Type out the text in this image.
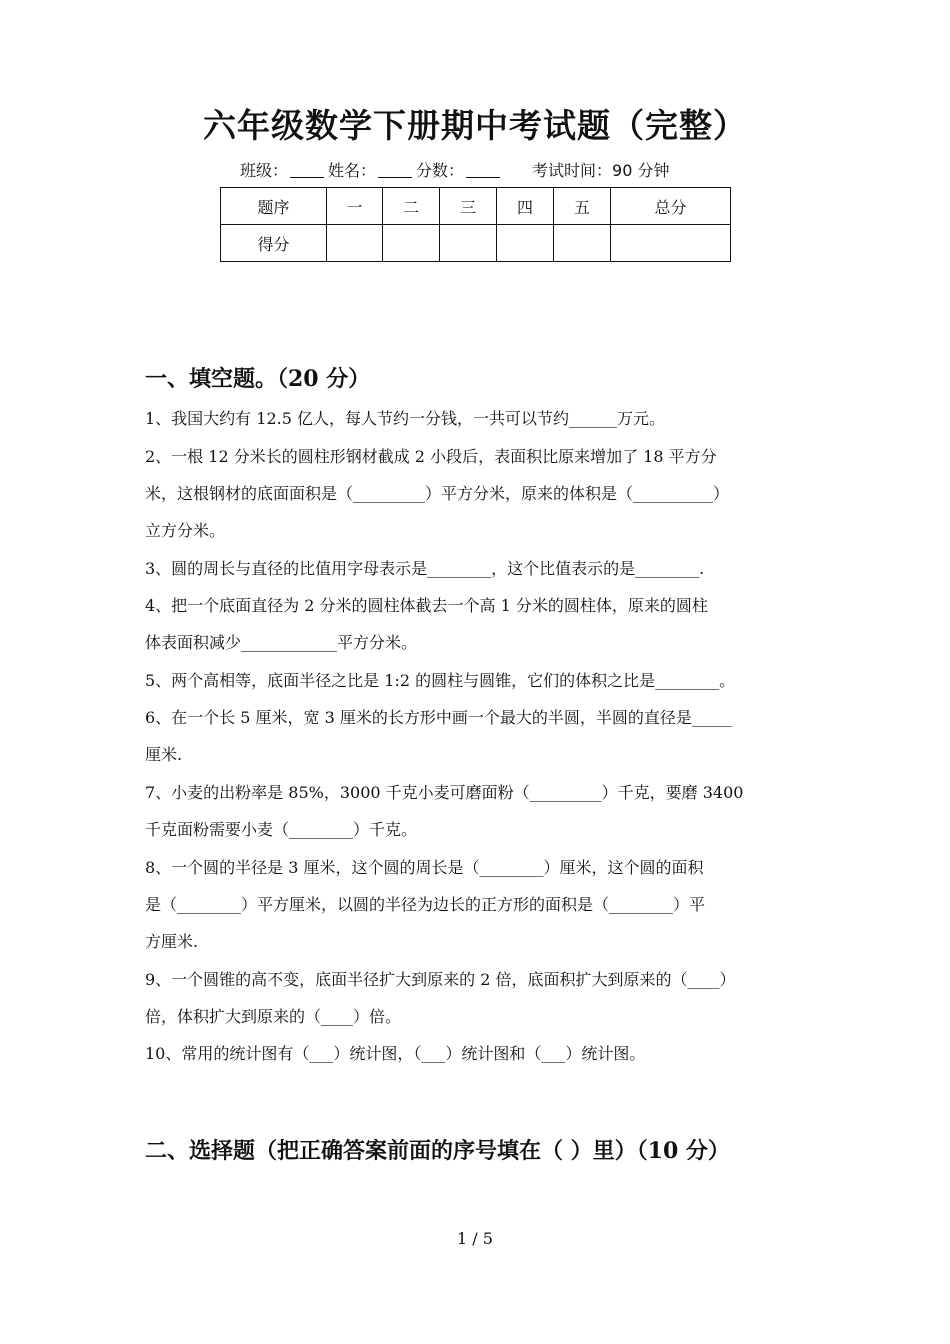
六年级数学下册期中考试题（完整）
班级：	姓名：	分数：	考试时间：90 分钟
题序	一	二	三	四	五	总分
得分						
一、填空题。（20 分）
1、我国大约有 12.5 亿人，每人节约一分钱，一共可以节约______万元。
2、一根 12 分米长的圆柱形钢材截成 2 小段后，表面积比原来增加了 18 平方分
米，这根钢材的底面面积是（_________）平方分米，原来的体积是（__________）
立方分米。
3、圆的周长与直径的比值用字母表示是________，这个比值表示的是________.
4、把一个底面直径为 2 分米的圆柱体截去一个高 1 分米的圆柱体，原来的圆柱
体表面积减少____________平方分米。
5、两个高相等，底面半径之比是 1:2 的圆柱与圆锥，它们的体积之比是________。
6、在一个长 5 厘米，宽 3 厘米的长方形中画一个最大的半圆，半圆的直径是_____
厘米.
7、小麦的出粉率是 85%，3000 千克小麦可磨面粉（_________）千克，要磨 3400
千克面粉需要小麦（________）千克。
8、一个圆的半径是 3 厘米，这个圆的周长是（________）厘米，这个圆的面积
是（________）平方厘米，以圆的半径为边长的正方形的面积是（________）平
方厘米.
9、一个圆锥的高不变，底面半径扩大到原来的 2 倍，底面积扩大到原来的（____）
倍，体积扩大到原来的（____）倍。
10、常用的统计图有（___）统计图，（___）统计图和（___）统计图。
二、选择题（把正确答案前面的序号填在（ ）里）（10 分）
1 / 5
